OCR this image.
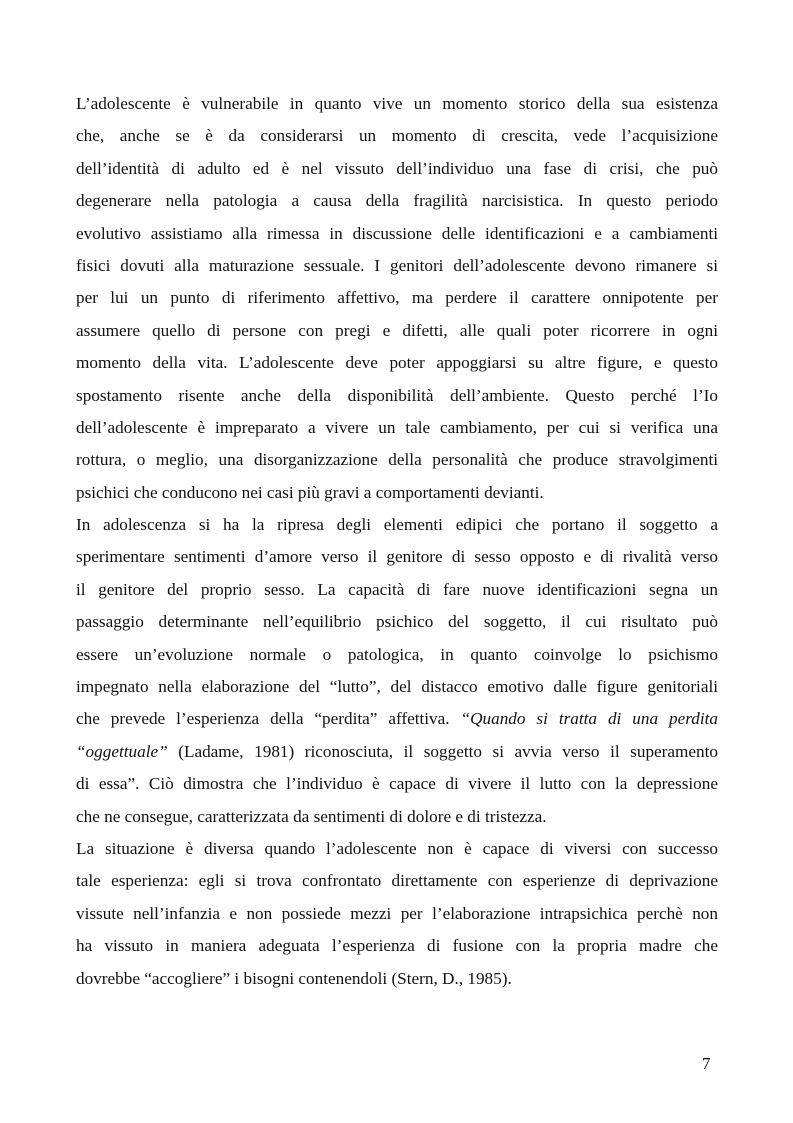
L’adolescente è vulnerabile in quanto vive un momento storico della sua esistenza
che, anche se è da considerarsi un momento di crescita, vede l’acquisizione
dell’identità di adulto ed è nel vissuto dell’individuo una fase di crisi, che può
degenerare nella patologia a causa della fragilità narcisistica. In questo periodo
evolutivo assistiamo alla rimessa in discussione delle identificazioni e a cambiamenti
fisici dovuti alla maturazione sessuale. I genitori dell’adolescente devono rimanere si
per lui un punto di riferimento affettivo, ma perdere il carattere onnipotente per
assumere quello di persone con pregi e difetti, alle quali poter ricorrere in ogni
momento della vita. L’adolescente deve poter appoggiarsi su altre figure, e questo
spostamento risente anche della disponibilità dell’ambiente. Questo perché l’Io
dell’adolescente è impreparato a vivere un tale cambiamento, per cui si verifica una
rottura, o meglio, una disorganizzazione della personalità che produce stravolgimenti
psichici che conducono nei casi più gravi a comportamenti devianti.
In adolescenza si ha la ripresa degli elementi edipici che portano il soggetto a
sperimentare sentimenti d’amore verso il genitore di sesso opposto e di rivalità verso
il genitore del proprio sesso. La capacità di fare nuove identificazioni segna un
passaggio determinante nell’equilibrio psichico del soggetto, il cui risultato può
essere un’evoluzione normale o patologica, in quanto coinvolge lo psichismo
impegnato nella elaborazione del “lutto”, del distacco emotivo dalle figure genitoriali
che prevede l’esperienza della “perdita” affettiva. “Quando si tratta di una perdita
“oggettuale” (Ladame, 1981) riconosciuta, il soggetto si avvia verso il superamento
di essa”. Ciò dimostra che l’individuo è capace di vivere il lutto con la depressione
che ne consegue, caratterizzata da sentimenti di dolore e di tristezza.
La situazione è diversa quando l’adolescente non è capace di viversi con successo
tale esperienza: egli si trova confrontato direttamente con esperienze di deprivazione
vissute nell’infanzia e non possiede mezzi per l’elaborazione intrapsichica perchè non
ha vissuto in maniera adeguata l’esperienza di fusione con la propria madre che
dovrebbe “accogliere” i bisogni contenendoli (Stern, D., 1985).
7
